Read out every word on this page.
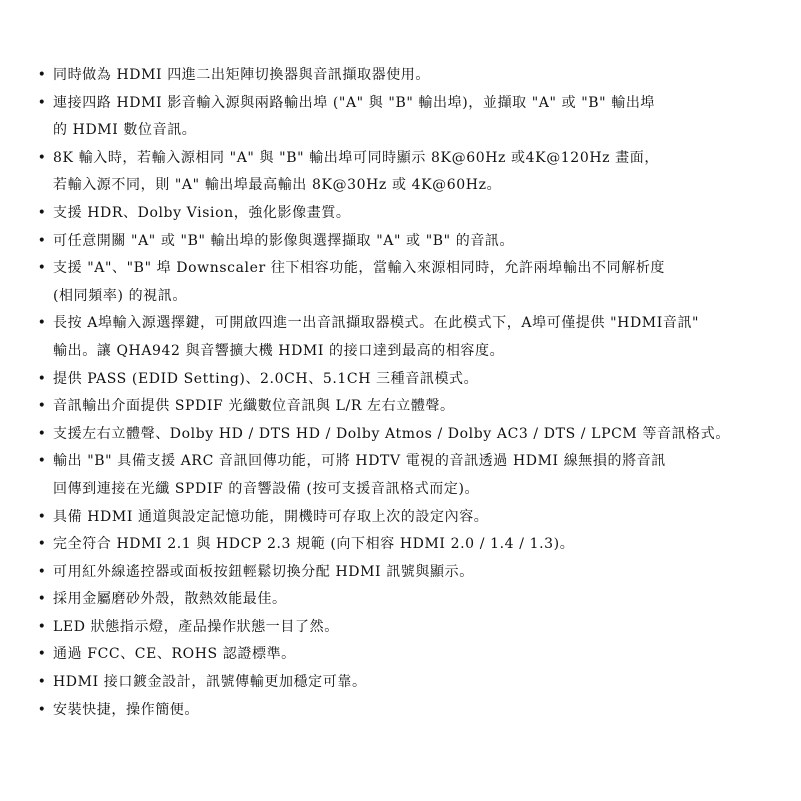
• 同時做為 HDMI 四進二出矩陣切換器與音訊擷取器使用。
• 連接四路 HDMI 影音輸入源與兩路輸出埠 ("A" 與 "B" 輸出埠)，並擷取 "A" 或 "B" 輸出埠
的 HDMI 數位音訊。
• 8K 輸入時，若輸入源相同 "A" 與 "B" 輸出埠可同時顯示 8K@60Hz 或4K@120Hz 畫面，
若輸入源不同，則 "A" 輸出埠最高輸出 8K@30Hz 或 4K@60Hz。
• 支援 HDR、Dolby Vision，強化影像畫質。
• 可任意開關 "A" 或 "B" 輸出埠的影像與選擇擷取 "A" 或 "B" 的音訊。
• 支援 "A"、"B" 埠 Downscaler 往下相容功能，當輸入來源相同時，允許兩埠輸出不同解析度
(相同頻率) 的視訊。
• 長按 A埠輸入源選擇鍵，可開啟四進一出音訊擷取器模式。在此模式下，A埠可僅提供 "HDMI音訊"
輸出。讓 QHA942 與音響擴大機 HDMI 的接口達到最高的相容度。
• 提供 PASS (EDID Setting)、2.0CH、5.1CH 三種音訊模式。
• 音訊輸出介面提供 SPDIF 光纖數位音訊與 L/R 左右立體聲。
• 支援左右立體聲、Dolby HD / DTS HD / Dolby Atmos / Dolby AC3 / DTS / LPCM 等音訊格式。
• 輸出 "B" 具備支援 ARC 音訊回傳功能，可將 HDTV 電視的音訊透過 HDMI 線無損的將音訊
回傳到連接在光纖 SPDIF 的音響設備 (按可支援音訊格式而定)。
• 具備 HDMI 通道與設定記憶功能，開機時可存取上次的設定內容。
• 完全符合 HDMI 2.1 與 HDCP 2.3 規範 (向下相容 HDMI 2.0 / 1.4 / 1.3)。
• 可用紅外線遙控器或面板按鈕輕鬆切換分配 HDMI 訊號與顯示。
• 採用金屬磨砂外殼，散熱效能最佳。
• LED 狀態指示燈，產品操作狀態一目了然。
• 通過 FCC、CE、ROHS 認證標準。
• HDMI 接口鍍金設計，訊號傳輸更加穩定可靠。
• 安裝快捷，操作簡便。
